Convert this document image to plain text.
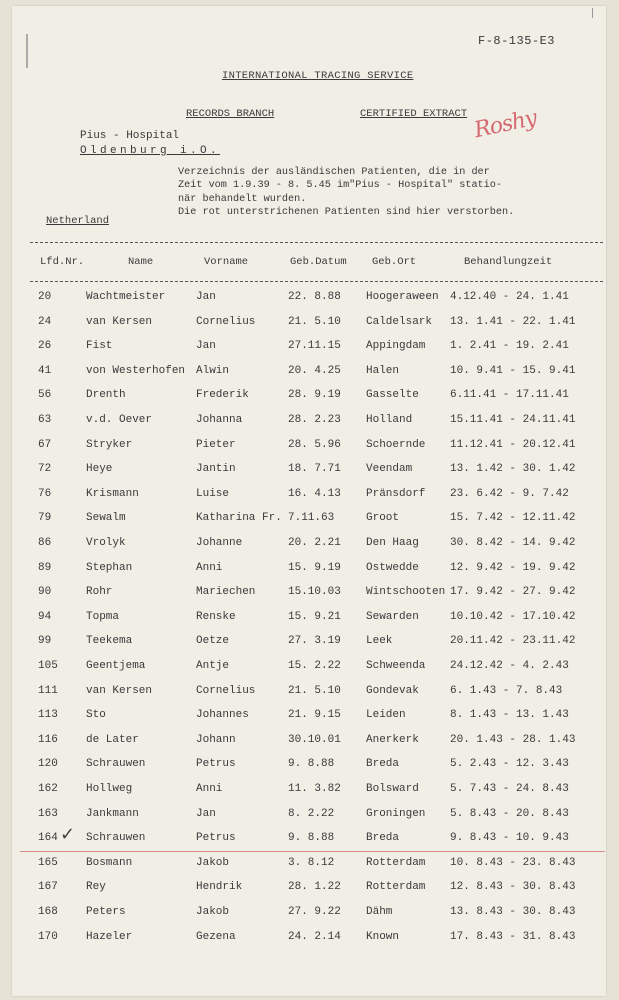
F-8-135-E3
INTERNATIONAL TRACING SERVICE
RECORDS BRANCH	CERTIFIED EXTRACT Roshy
Pius - Hospital
Oldenburg i.O.
Verzeichnis der ausländischen Patienten, die in der
Zeit vom 1.9.39 - 8. 5.45 im"Pius - Hospital" statio-
när behandelt wurden.
Die rot unterstrichenen Patienten sind hier verstorben.
Netherland
Lfd.Nr.	Name	Vorname	Geb.Datum Geb.Ort	Behandlungzeit
20	Wachtmeister	Jan	22. 8.88 Hoogeraween 4.12.40 - 24. 1.41
24	van Kersen	Cornelius	21. 5.10 Caldelsark 13. 1.41 - 22. 1.41
26	Fist	Jan	27.11.15 Appingdam 1. 2.41 - 19. 2.41
41	von Westerhofen Alwin	20. 4.25 Halen	10. 9.41 - 15. 9.41
56	Drenth	Frederik	28. 9.19 Gasselte	6.11.41 - 17.11.41
63	v.d. Oever	Johanna	28. 2.23 Holland	15.11.41 - 24.11.41
67	Stryker	Pieter	28. 5.96 Schoernde 11.12.41 - 20.12.41
72	Heye	Jantin	18. 7.71 Veendam	13. 1.42 - 30. 1.42
76	Krismann	Luise	16. 4.13 Pränsdorf 23. 6.42 - 9. 7.42
79	Sewalm	Katharina Fr. 7.11.63	Groot	15. 7.42 - 12.11.42
86	Vrolyk	Johanne	20. 2.21 Den Haag	30. 8.42 - 14. 9.42
89	Stephan	Anni	15. 9.19 Ostwedde	12. 9.42 - 19. 9.42
90	Rohr	Mariechen	15.10.03 Wintschooten 17. 9.42 - 27. 9.42
94	Topma	Renske	15. 9.21 Sewarden	10.10.42 - 17.10.42
99	Teekema	Oetze	27. 3.19 Leek	20.11.42 - 23.11.42
105	Geentjema	Antje	15. 2.22 Schweenda 24.12.42 - 4. 2.43
111	van Kersen	Cornelius	21. 5.10 Gondevak	6. 1.43 - 7. 8.43
113	Sto	Johannes	21. 9.15 Leiden	8. 1.43 - 13. 1.43
116	de Later	Johann	30.10.01 Anerkerk	20. 1.43 - 28. 1.43
120	Schrauwen	Petrus	9. 8.88	Breda	5. 2.43 - 12. 3.43
162	Hollweg	Anni	11. 3.82 Bolsward	5. 7.43 - 24. 8.43
163	Jankmann	Jan	8. 2.22	Groningen 5. 8.43 - 20. 8.43
164	Schrauwen	Petrus	9. 8.88	Breda	9. 8.43 - 10. 9.43
165	Bosmann	Jakob	3. 8.12	Rotterdam 10. 8.43 - 23. 8.43
167	Rey	Hendrik	28. 1.22 Rotterdam 12. 8.43 - 30. 8.43
168	Peters	Jakob	27. 9.22 Dähm	13. 8.43 - 30. 8.43
170	Hazeler	Gezena	24. 2.14 Known	17. 8.43 - 31. 8.43
✓
